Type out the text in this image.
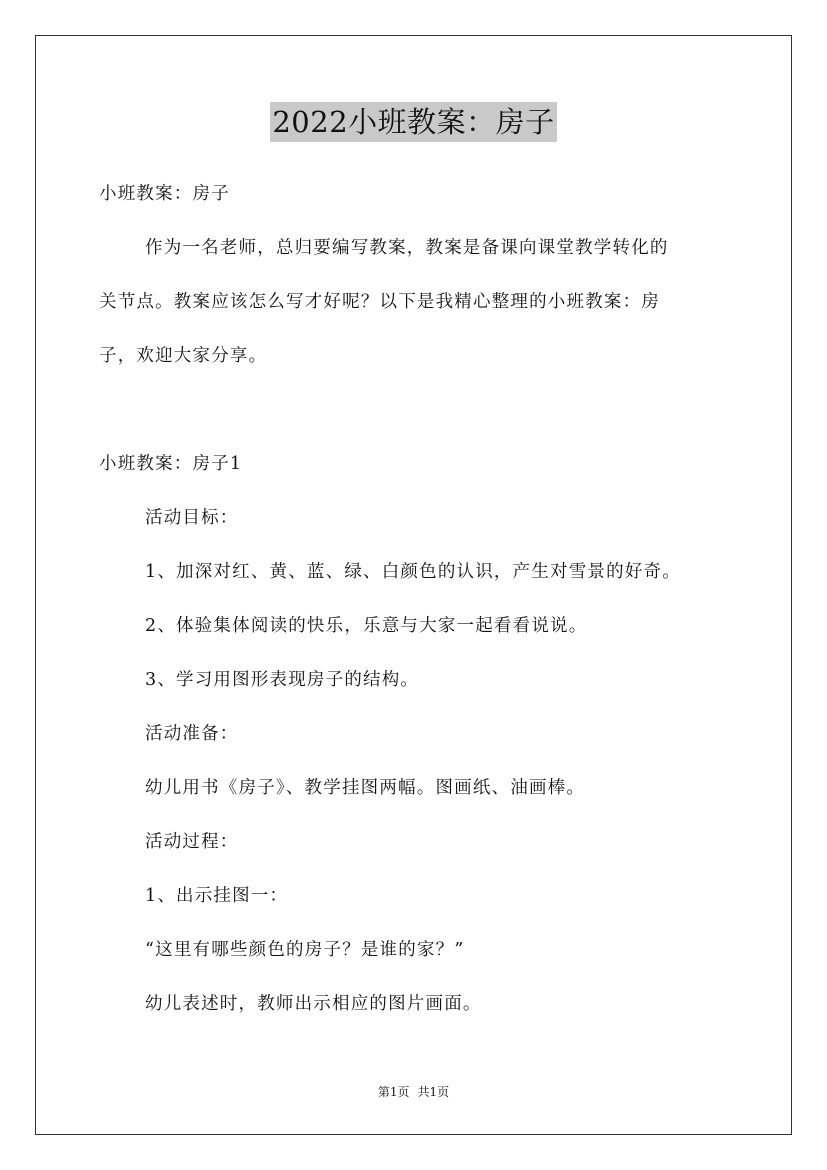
2022小班教案：房子
小班教案：房子
作为一名老师，总归要编写教案，教案是备课向课堂教学转化的
关节点。教案应该怎么写才好呢？以下是我精心整理的小班教案：房
子，欢迎大家分享。
小班教案：房子1
活动目标：
1、加深对红、黄、蓝、绿、白颜色的认识，产生对雪景的好奇。
2、体验集体阅读的快乐，乐意与大家一起看看说说。
3、学习用图形表现房子的结构。
活动准备：
幼儿用书《房子》、教学挂图两幅。图画纸、油画棒。
活动过程：
1、出示挂图一：
“这里有哪些颜色的房子？是谁的家？”
幼儿表述时，教师出示相应的图片画面。
第1页 共1页
